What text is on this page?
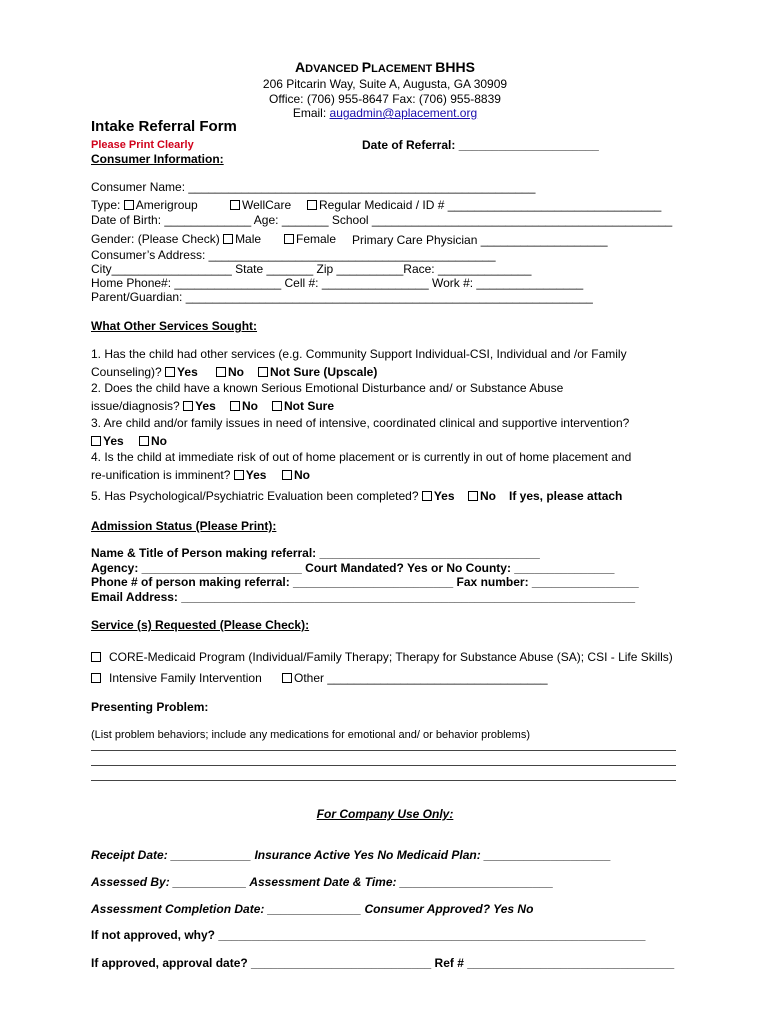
ADVANCED PLACEMENT BHHS
206 Pitcarin Way, Suite A, Augusta, GA 30909
Office: (706) 955-8647 Fax: (706) 955-8839
Email: augadmin@aplacement.org
Intake Referral Form
Please Print Clearly	Date of Referral: _____________________
Consumer Information:
Consumer Name: ____________________________________________________
Type: Amerigroup	WellCare	Regular Medicaid / ID # ________________________________
Date of Birth: _____________ Age: _______ School _____________________________________________
Gender: (Please Check) Male	Female Primary Care Physician ___________________
Consumer’s Address: ___________________________________________
City__________________ State _______ Zip __________Race: ______________
Home Phone#: ________________ Cell #: ________________ Work #: ________________
Parent/Guardian: _____________________________________________________________
What Other Services Sought:
1. Has the child had other services (e.g. Community Support Individual-CSI, Individual and /or Family
Counseling)? Yes	No	Not Sure (Upscale)
2. Does the child have a known Serious Emotional Disturbance and/ or Substance Abuse
issue/diagnosis? Yes	No	Not Sure
3. Are child and/or family issues in need of intensive, coordinated clinical and supportive intervention?
Yes	No
4. Is the child at immediate risk of out of home placement or is currently in out of home placement and
re-unification is imminent? Yes	No
5. Has Psychological/Psychiatric Evaluation been completed? Yes	No If yes, please attach
Admission Status (Please Print):
Name & Title of Person making referral: _________________________________
Agency: ________________________ Court Mandated? Yes or No County: _______________
Phone # of person making referral: ________________________ Fax number: ________________
Email Address: ____________________________________________________________________
Service (s) Requested (Please Check):
CORE-Medicaid Program (Individual/Family Therapy; Therapy for Substance Abuse (SA); CSI - Life Skills)
Intensive Family Intervention	Other _________________________________
Presenting Problem:
(List problem behaviors; include any medications for emotional and/ or behavior problems)
For Company Use Only:
Receipt Date: ____________ Insurance Active Yes No Medicaid Plan: ___________________
Assessed By: ___________ Assessment Date & Time: _______________________
Assessment Completion Date: ______________ Consumer Approved? Yes No
If not approved, why? ________________________________________________________________
If approved, approval date? ___________________________ Ref # _______________________________
